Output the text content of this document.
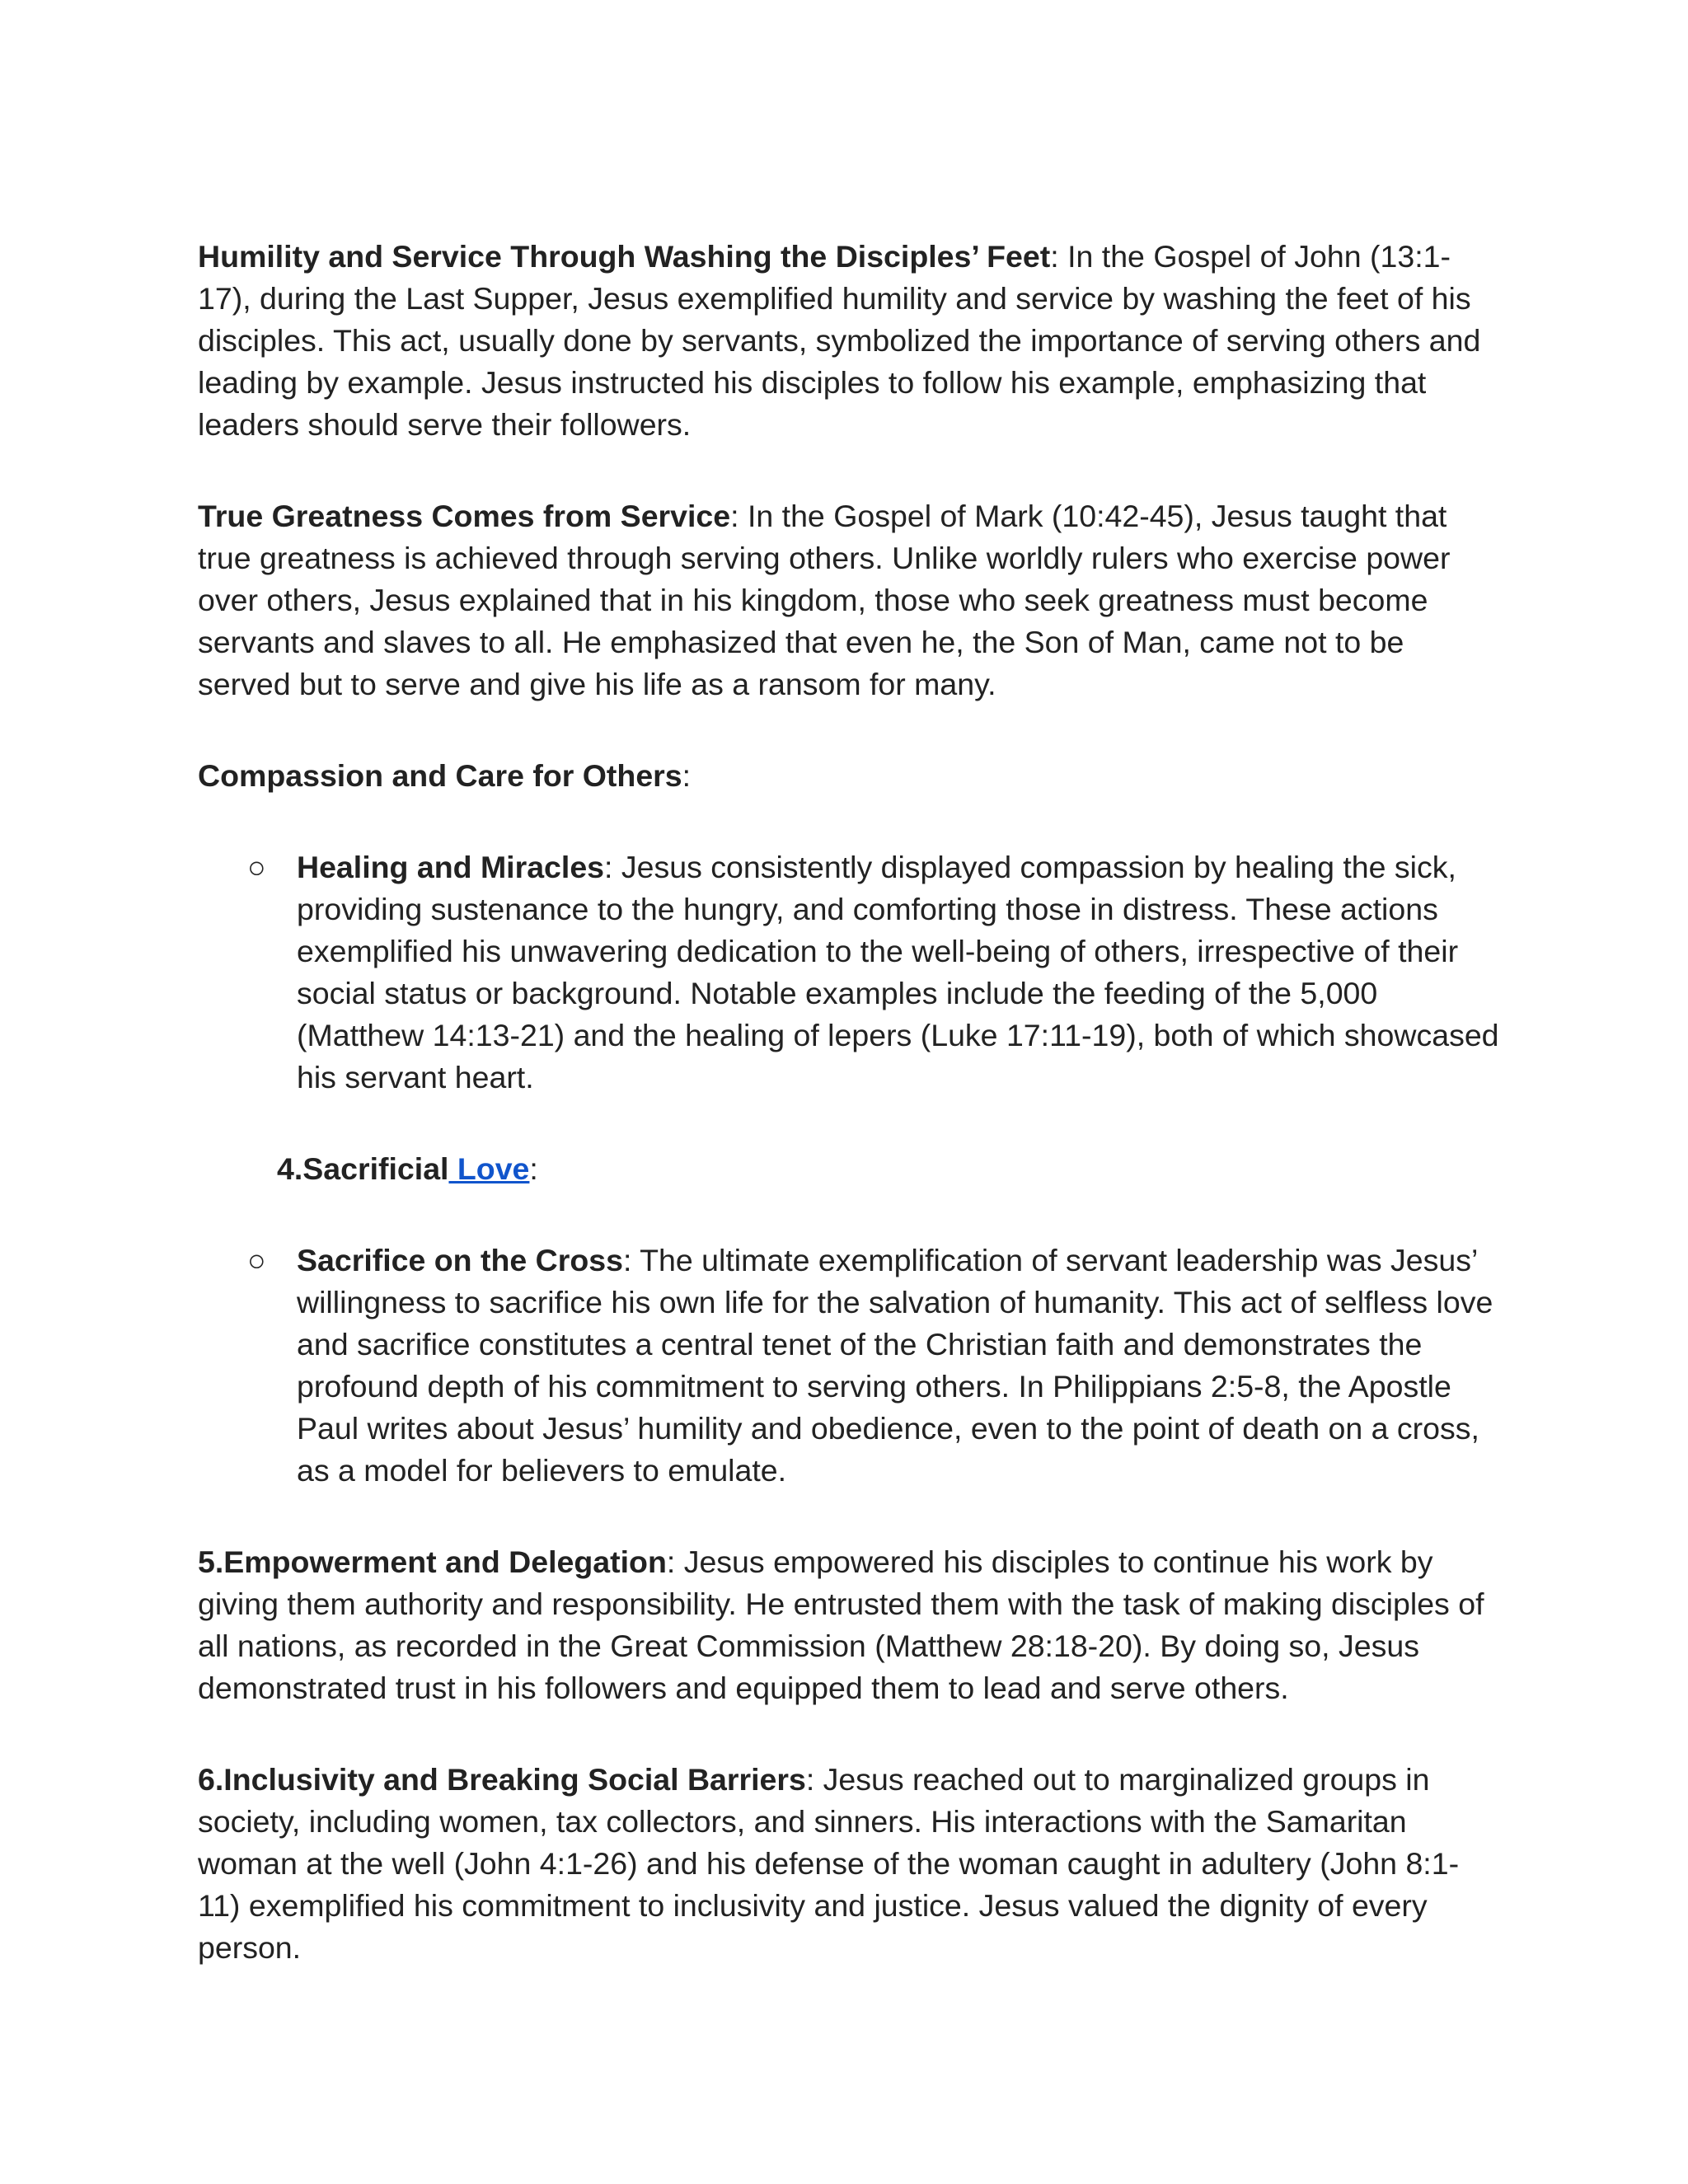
Humility and Service Through Washing the Disciples’ Feet: In the Gospel of John (13:1-17), during the Last Supper, Jesus exemplified humility and service by washing the feet of his disciples. This act, usually done by servants, symbolized the importance of serving others and leading by example. Jesus instructed his disciples to follow his example, emphasizing that leaders should serve their followers.

True Greatness Comes from Service: In the Gospel of Mark (10:42-45), Jesus taught that true greatness is achieved through serving others. Unlike worldly rulers who exercise power over others, Jesus explained that in his kingdom, those who seek greatness must become servants and slaves to all. He emphasized that even he, the Son of Man, came not to be served but to serve and give his life as a ransom for many.

Compassion and Care for Others:

○ Healing and Miracles: Jesus consistently displayed compassion by healing the sick, providing sustenance to the hungry, and comforting those in distress. These actions exemplified his unwavering dedication to the well-being of others, irrespective of their social status or background. Notable examples include the feeding of the 5,000 (Matthew 14:13-21) and the healing of lepers (Luke 17:11-19), both of which showcased his servant heart.

4.Sacrificial Love:

○ Sacrifice on the Cross: The ultimate exemplification of servant leadership was Jesus’ willingness to sacrifice his own life for the salvation of humanity. This act of selfless love and sacrifice constitutes a central tenet of the Christian faith and demonstrates the profound depth of his commitment to serving others. In Philippians 2:5-8, the Apostle Paul writes about Jesus’ humility and obedience, even to the point of death on a cross, as a model for believers to emulate.

5.Empowerment and Delegation: Jesus empowered his disciples to continue his work by giving them authority and responsibility. He entrusted them with the task of making disciples of all nations, as recorded in the Great Commission (Matthew 28:18-20). By doing so, Jesus demonstrated trust in his followers and equipped them to lead and serve others.

6.Inclusivity and Breaking Social Barriers: Jesus reached out to marginalized groups in society, including women, tax collectors, and sinners. His interactions with the Samaritan woman at the well (John 4:1-26) and his defense of the woman caught in adultery (John 8:1-11) exemplified his commitment to inclusivity and justice. Jesus valued the dignity of every person.
